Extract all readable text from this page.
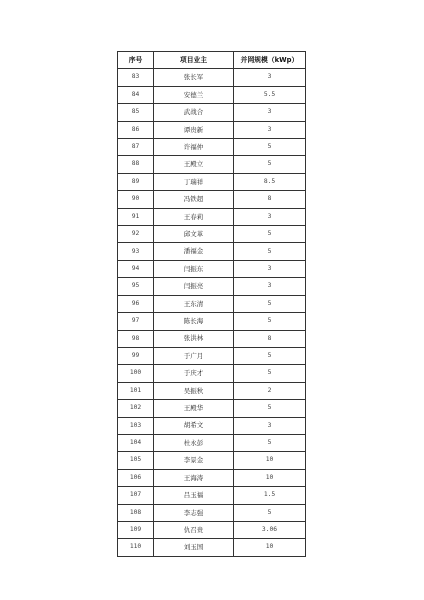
序号	项目业主	并网规模（kWp）
83	张长军	3
84	安德兰	5.5
85	武战合	3
86	谭贵新	3
87	许福仲	5
88	王殿立	5
89	丁瑞祥	8.5
90	冯铁超	8
91	王春莉	3
92	邱文革	5
93	潘福金	5
94	闫振东	3
95	闫振亮	3
96	王东清	5
97	陈长海	5
98	张洪林	8
99	于广月	5
100	于庆才	5
101	吴振秋	2
102	王殿华	5
103	胡希文	3
104	杜永彭	5
105	李景金	10
106	王海涛	10
107	吕玉福	1.5
108	李志强	5
109	仇召贵	3.06
110	刘玉国	10
